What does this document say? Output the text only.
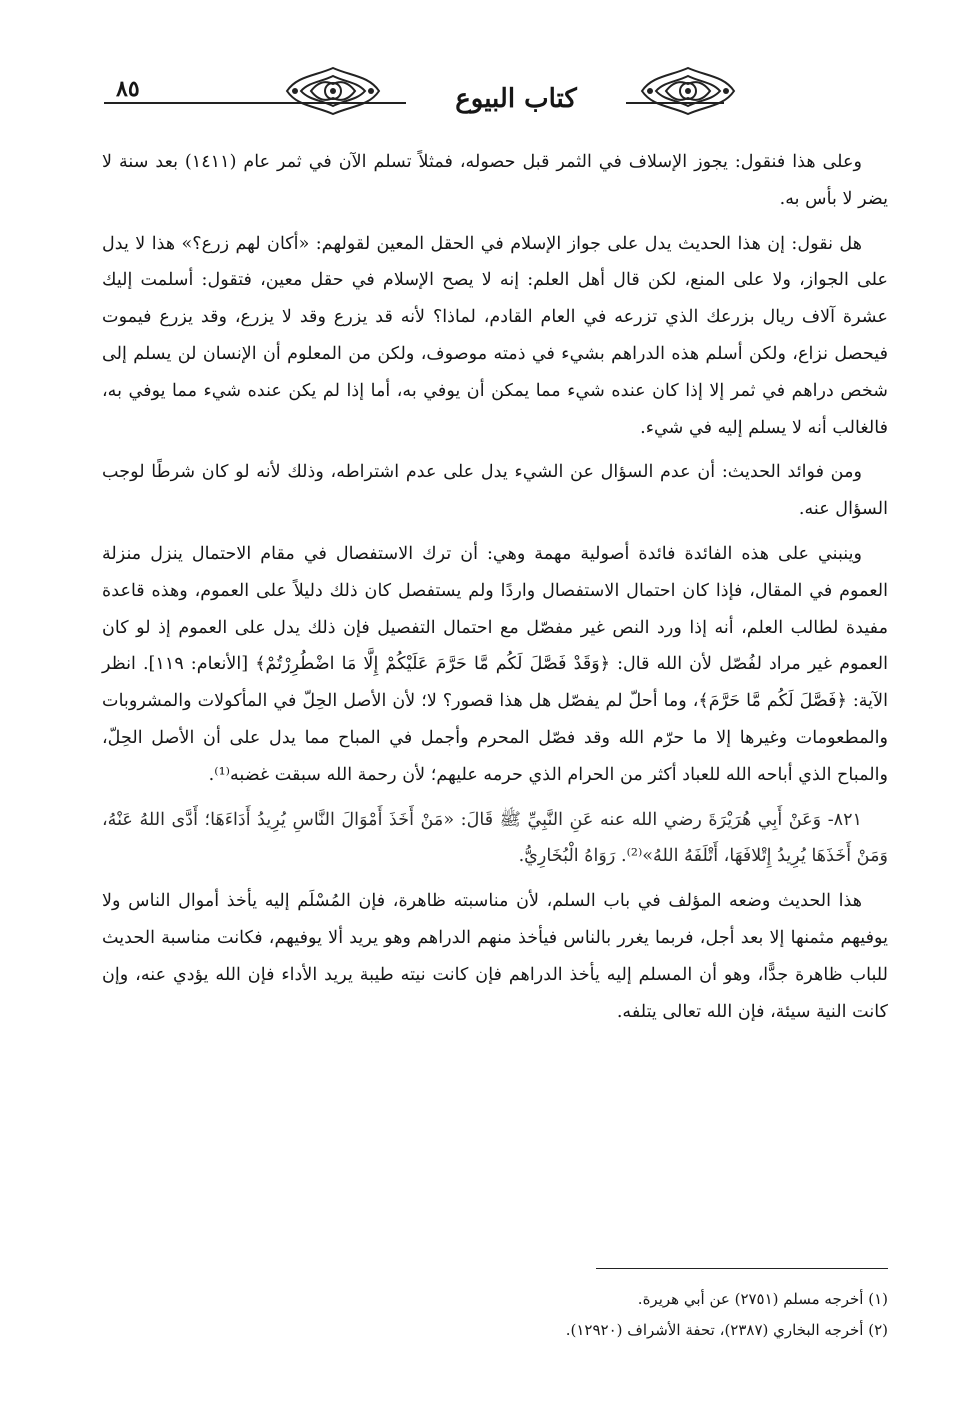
٨٥	كتاب البيوع

وعلى هذا فنقول: يجوز الإسلاف في الثمر قبل حصوله، فمثلاً تسلم الآن في ثمر عام (١٤١١) بعد سنة لا يضر لا بأس به.

هل نقول: إن هذا الحديث يدل على جواز الإسلام في الحقل المعين لقولهم: «أكان لهم زرع؟» هذا لا يدل على الجواز، ولا على المنع، لكن قال أهل العلم: إنه لا يصح الإسلام في حقل معين، فتقول: أسلمت إليك عشرة آلاف ريال بزرعك الذي تزرعه في العام القادم، لماذا؟ لأنه قد يزرع وقد لا يزرع، وقد يزرع فيموت فيحصل نزاع، ولكن أسلم هذه الدراهم بشيء في ذمته موصوف، ولكن من المعلوم أن الإنسان لن يسلم إلى شخص دراهم في ثمر إلا إذا كان عنده شيء مما يمكن أن يوفي به، أما إذا لم يكن عنده شيء مما يوفي به، فالغالب أنه لا يسلم إليه في شيء.

ومن فوائد الحديث: أن عدم السؤال عن الشيء يدل على عدم اشتراطه، وذلك لأنه لو كان شرطًا لوجب السؤال عنه.

وينبني على هذه الفائدة فائدة أصولية مهمة وهي: أن ترك الاستفصال في مقام الاحتمال ينزل منزلة العموم في المقال، فإذا كان احتمال الاستفصال واردًا ولم يستفصل كان ذلك دليلاً على العموم، وهذه قاعدة مفيدة لطالب العلم، أنه إذا ورد النص غير مفصّل مع احتمال التفصيل فإن ذلك يدل على العموم إذ لو كان العموم غير مراد لفُصّل لأن الله قال: ﴿وَقَدْ فَصَّلَ لَكُم مَّا حَرَّمَ عَلَيْكُمْ إِلَّا مَا اضْطُرِرْتُمْ﴾ [الأنعام: ١١٩]. انظر الآية: ﴿فَصَّلَ لَكُم مَّا حَرَّمَ﴾، وما أحلّ لم يفصّل هل هذا قصور؟ لا؛ لأن الأصل الحِلّ في المأكولات والمشروبات والمطعومات وغيرها إلا ما حرّم الله وقد فصّل المحرم وأجمل في المباح مما يدل على أن الأصل الحِلّ، والمباح الذي أباحه الله للعباد أكثر من الحرام الذي حرمه عليهم؛ لأن رحمة الله سبقت غضبه⁽¹⁾.

٨٢١- وَعَنْ أَبِي هُرَيْرَةَ رضي الله عنه عَنِ النَّبِيِّ ﷺ قَالَ: «مَنْ أَخَذَ أَمْوَالَ النَّاسِ يُرِيدُ أَدَاءَهَا؛ أَدَّى اللهُ عَنْهُ، وَمَنْ أَخَذَهَا يُرِيدُ إِتْلافَهَا، أَتْلَفَهُ اللهُ»⁽²⁾. رَوَاهُ الْبُخَارِيُّ.

هذا الحديث وضعه المؤلف في باب السلم، لأن مناسبته ظاهرة، فإن المُسْلَم إليه يأخذ أموال الناس ولا يوفيهم مثمنها إلا بعد أجل، فربما يغرر بالناس فيأخذ منهم الدراهم وهو يريد ألا يوفيهم، فكانت مناسبة الحديث للباب ظاهرة جدًّا، وهو أن المسلم إليه يأخذ الدراهم فإن كانت نيته طيبة يريد الأداء فإن الله يؤدي عنه، وإن كانت النية سيئة، فإن الله تعالى يتلفه.

(١) أخرجه مسلم (٢٧٥١) عن أبي هريرة.

(٢) أخرجه البخاري (٢٣٨٧)، تحفة الأشراف (١٢٩٢٠).
